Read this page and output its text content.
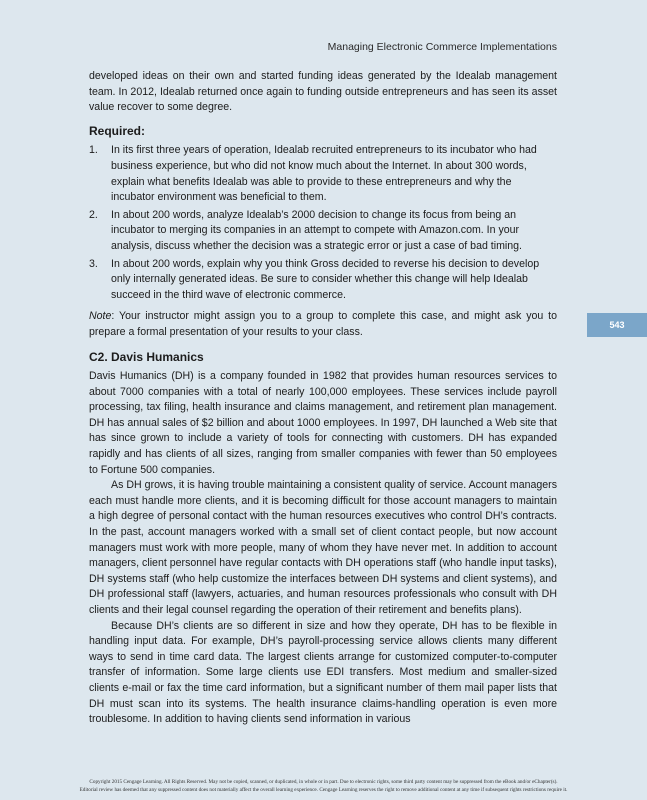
Managing Electronic Commerce Implementations
543

developed ideas on their own and started funding ideas generated by the Idealab management team. In 2012, Idealab returned once again to funding outside entrepreneurs and has seen its asset value recover to some degree.

Required:
1. In its first three years of operation, Idealab recruited entrepreneurs to its incubator who had business experience, but who did not know much about the Internet. In about 300 words, explain what benefits Idealab was able to provide to these entrepreneurs and why the incubator environment was beneficial to them.
2. In about 200 words, analyze Idealab’s 2000 decision to change its focus from being an incubator to merging its companies in an attempt to compete with Amazon.com. In your analysis, discuss whether the decision was a strategic error or just a case of bad timing.
3. In about 200 words, explain why you think Gross decided to reverse his decision to develop only internally generated ideas. Be sure to consider whether this change will help Idealab succeed in the third wave of electronic commerce.

Note: Your instructor might assign you to a group to complete this case, and might ask you to prepare a formal presentation of your results to your class.

C2. Davis Humanics

Davis Humanics (DH) is a company founded in 1982 that provides human resources services to about 7000 companies with a total of nearly 100,000 employees. These services include payroll processing, tax filing, health insurance and claims management, and retirement plan management. DH has annual sales of $2 billion and about 1000 employees. In 1997, DH launched a Web site that has since grown to include a variety of tools for connecting with customers. DH has expanded rapidly and has clients of all sizes, ranging from smaller companies with fewer than 50 employees to Fortune 500 companies.

As DH grows, it is having trouble maintaining a consistent quality of service. Account managers each must handle more clients, and it is becoming difficult for those account managers to maintain a high degree of personal contact with the human resources executives who control DH’s contracts. In the past, account managers worked with a small set of client contact people, but now account managers must work with more people, many of whom they have never met. In addition to account managers, client personnel have regular contacts with DH operations staff (who handle input tasks), DH systems staff (who help customize the interfaces between DH systems and client systems), and DH professional staff (lawyers, actuaries, and human resources professionals who consult with DH clients and their legal counsel regarding the operation of their retirement and benefits plans).

Because DH’s clients are so different in size and how they operate, DH has to be flexible in handling input data. For example, DH’s payroll-processing service allows clients many different ways to send in time card data. The largest clients arrange for customized computer-to-computer transfer of information. Some large clients use EDI transfers. Most medium and smaller-sized clients e-mail or fax the time card information, but a significant number of them mail paper lists that DH must scan into its systems. The health insurance claims-handling operation is even more troublesome. In addition to having clients send information in various

Copyright 2015 Cengage Learning. All Rights Reserved. May not be copied, scanned, or duplicated, in whole or in part. Due to electronic rights, some third party content may be suppressed from the eBook and/or eChapter(s).
Editorial review has deemed that any suppressed content does not materially affect the overall learning experience. Cengage Learning reserves the right to remove additional content at any time if subsequent rights restrictions require it.
